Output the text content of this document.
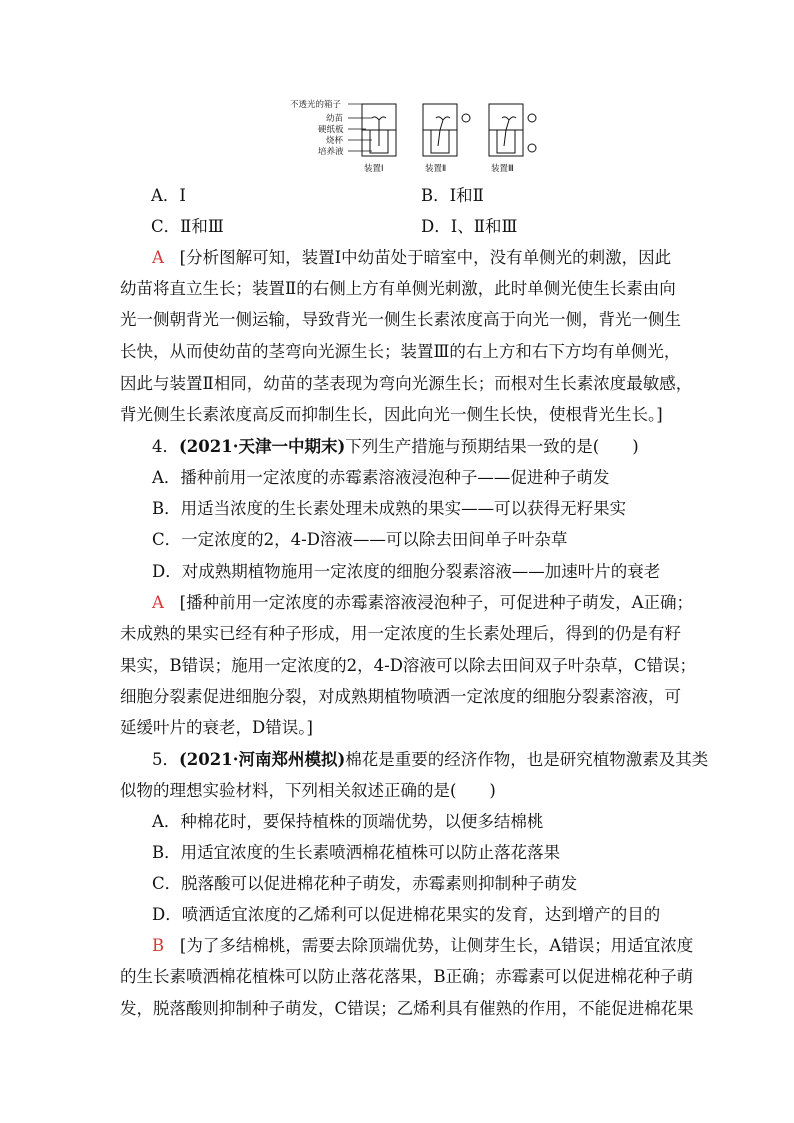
不透光的箱子
幼苗
硬纸板
烧杯
培养液
装置Ⅰ	装置Ⅱ	装置Ⅲ
A．Ⅰ	B．Ⅰ和Ⅱ
C．Ⅱ和Ⅲ	D．Ⅰ、Ⅱ和Ⅲ
A [分析图解可知，装置Ⅰ中幼苗处于暗室中，没有单侧光的刺激，因此
幼苗将直立生长；装置Ⅱ的右侧上方有单侧光刺激，此时单侧光使生长素由向
光一侧朝背光一侧运输，导致背光一侧生长素浓度高于向光一侧，背光一侧生
长快，从而使幼苗的茎弯向光源生长；装置Ⅲ的右上方和右下方均有单侧光，
因此与装置Ⅱ相同，幼苗的茎表现为弯向光源生长；而根对生长素浓度最敏感，
背光侧生长素浓度高反而抑制生长，因此向光一侧生长快，使根背光生长。]
4．(2021·天津一中期末)下列生产措施与预期结果一致的是(　　)
A．播种前用一定浓度的赤霉素溶液浸泡种子——促进种子萌发
B．用适当浓度的生长素处理未成熟的果实——可以获得无籽果实
C．一定浓度的2，4-D溶液——可以除去田间单子叶杂草
D．对成熟期植物施用一定浓度的细胞分裂素溶液——加速叶片的衰老
A [播种前用一定浓度的赤霉素溶液浸泡种子，可促进种子萌发，A正确；
未成熟的果实已经有种子形成，用一定浓度的生长素处理后，得到的仍是有籽
果实，B错误；施用一定浓度的2，4-D溶液可以除去田间双子叶杂草，C错误；
细胞分裂素促进细胞分裂，对成熟期植物喷洒一定浓度的细胞分裂素溶液，可
延缓叶片的衰老，D错误。]
5．(2021·河南郑州模拟)棉花是重要的经济作物，也是研究植物激素及其类
似物的理想实验材料，下列相关叙述正确的是(　　)
A．种棉花时，要保持植株的顶端优势，以便多结棉桃
B．用适宜浓度的生长素喷洒棉花植株可以防止落花落果
C．脱落酸可以促进棉花种子萌发，赤霉素则抑制种子萌发
D．喷洒适宜浓度的乙烯利可以促进棉花果实的发育，达到增产的目的
B [为了多结棉桃，需要去除顶端优势，让侧芽生长，A错误；用适宜浓度
的生长素喷洒棉花植株可以防止落花落果，B正确；赤霉素可以促进棉花种子萌
发，脱落酸则抑制种子萌发，C错误；乙烯利具有催熟的作用，不能促进棉花果
